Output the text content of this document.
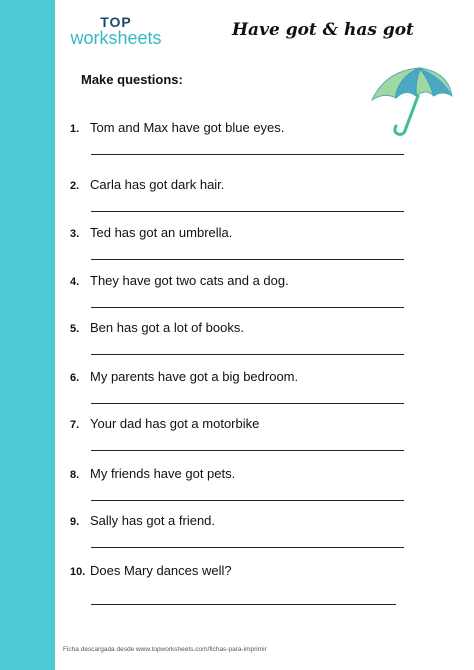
TOP
worksheets	Have got & has got
Make questions:
1. Tom and Max have got blue eyes.
2. Carla has got dark hair.
3. Ted has got an umbrella.
4. They have got two cats and a dog.
5. Ben has got a lot of books.
6. My parents have got a big bedroom.
7. Your dad has got a motorbike
8. My friends have got pets.
9. Sally has got a friend.
10. Does Mary dances well?
Ficha descargada desde www.topworksheets.com/fichas-para-imprimir
